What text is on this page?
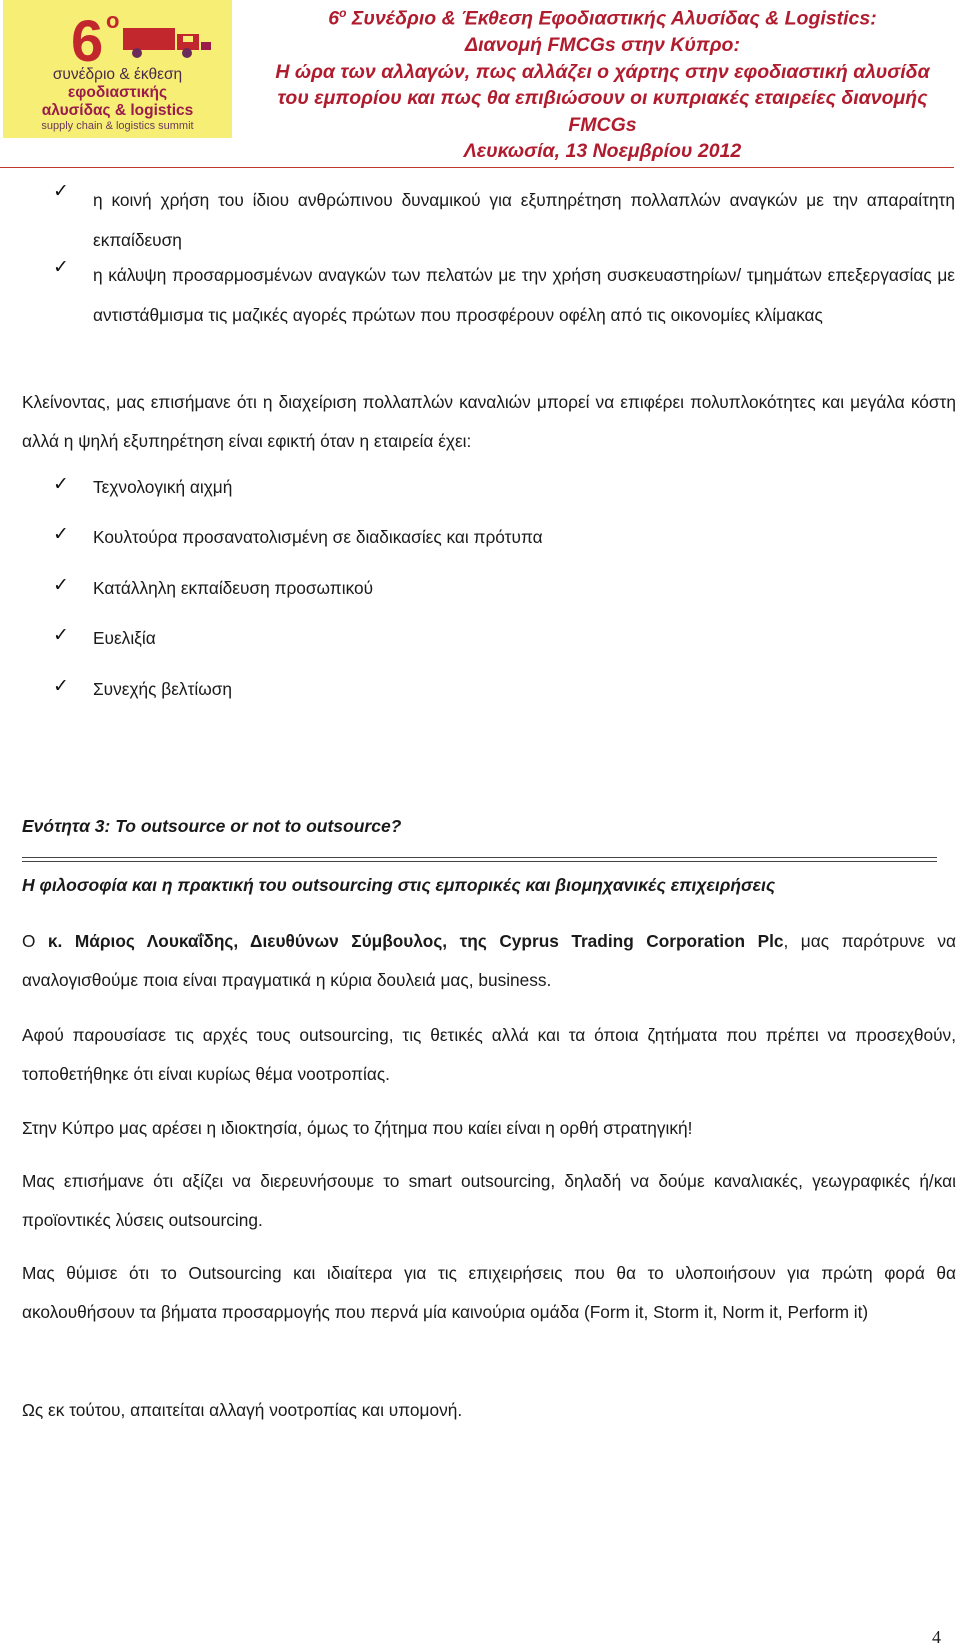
6 ο
συνέδριο & έκθεση
εφοδιαστικής
αλυσίδας & logistics
supply chain & logistics summit
$6^o$ Συνέδριο & Έκθεση Εφοδιαστικής Αλυσίδας & Logistics:
Διανομή FMCGs στην Κύπρο:
Η ώρα των αλλαγών, πως αλλάζει ο χάρτης στην εφοδιαστική αλυσίδα
του εμπορίου και πως θα επιβιώσουν οι κυπριακές εταιρείες διανομής
FMCGs
Λευκωσία, 13 Νοεμβρίου 2012
✓ η κοινή χρήση του ίδιου ανθρώπινου δυναμικού για εξυπηρέτηση πολλαπλών αναγκών με την απαραίτητη εκπαίδευση
✓ η κάλυψη προσαρμοσμένων αναγκών των πελατών με την χρήση συσκευαστηρίων/ τμημάτων επεξεργασίας με αντιστάθμισμα τις μαζικές αγορές πρώτων που προσφέρουν οφέλη από τις οικονομίες κλίμακας
Κλείνοντας, μας επισήμανε ότι η διαχείριση πολλαπλών καναλιών μπορεί να επιφέρει πολυπλοκότητες και μεγάλα κόστη αλλά η ψηλή εξυπηρέτηση είναι εφικτή όταν η εταιρεία έχει:
✓ Τεχνολογική αιχμή
✓ Κουλτούρα προσανατολισμένη σε διαδικασίες και πρότυπα
✓ Κατάλληλη εκπαίδευση προσωπικού
✓ Ευελιξία
✓ Συνεχής βελτίωση
Ενότητα 3: To outsource or not to outsource?
Η φιλοσοφία και η πρακτική του outsourcing στις εμπορικές και βιομηχανικές επιχειρήσεις
Ο κ. Μάριος Λουκαΐδης, Διευθύνων Σύμβουλος, της Cyprus Trading Corporation Plc, μας παρότρυνε να αναλογισθούμε ποια είναι πραγματικά η κύρια δουλειά μας, business.
Αφού παρουσίασε τις αρχές τους outsourcing, τις θετικές αλλά και τα όποια ζητήματα που πρέπει να προσεχθούν, τοποθετήθηκε ότι είναι κυρίως θέμα νοοτροπίας.
Στην Κύπρο μας αρέσει η ιδιοκτησία, όμως το ζήτημα που καίει είναι η ορθή στρατηγική!
Μας επισήμανε ότι αξίζει να διερευνήσουμε το smart outsourcing, δηλαδή να δούμε καναλιακές, γεωγραφικές ή/και προϊοντικές λύσεις outsourcing.
Μας θύμισε ότι το Outsourcing και ιδιαίτερα για τις επιχειρήσεις που θα το υλοποιήσουν για πρώτη φορά θα ακολουθήσουν τα βήματα προσαρμογής που περνά μία καινούρια ομάδα (Form it, Storm it, Norm it, Perform it)
Ως εκ τούτου, απαιτείται αλλαγή νοοτροπίας και υπομονή.
4
